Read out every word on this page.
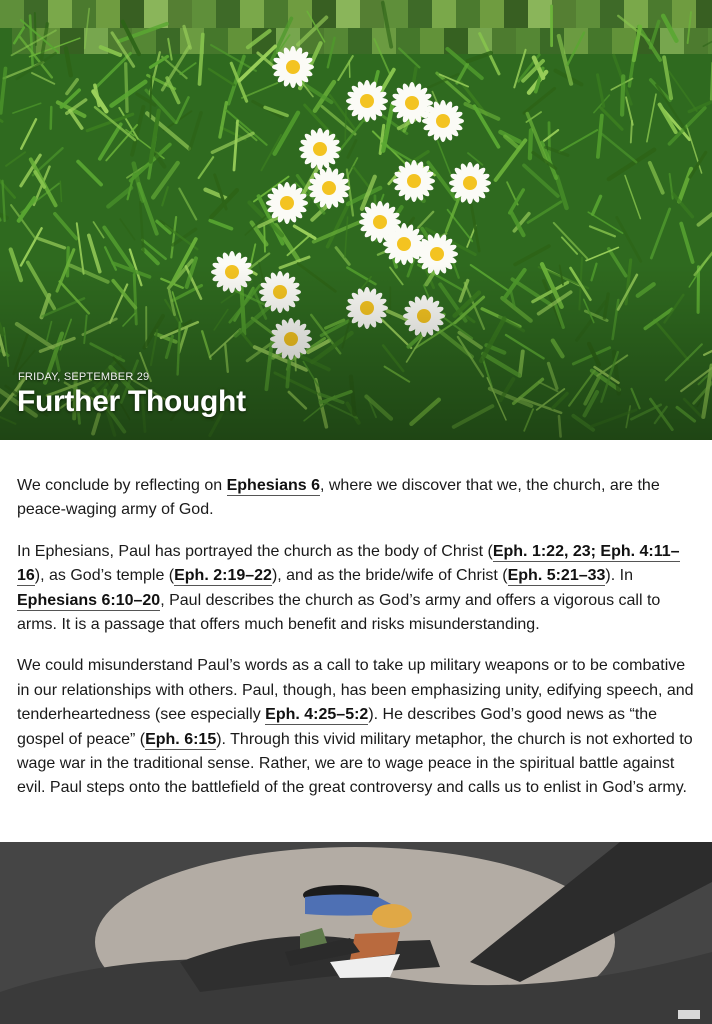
FRIDAY, SEPTEMBER 29
Further Thought

We conclude by reflecting on Ephesians 6, where we discover that we, the church, are the peace-waging army of God.

In Ephesians, Paul has portrayed the church as the body of Christ (Eph. 1:22, 23; Eph. 4:11–16), as God’s temple (Eph. 2:19–22), and as the bride/wife of Christ (Eph. 5:21–33). In Ephesians 6:10–20, Paul describes the church as God’s army and offers a vigorous call to arms. It is a passage that offers much benefit and risks misunderstanding.

We could misunderstand Paul’s words as a call to take up military weapons or to be combative in our relationships with others. Paul, though, has been emphasizing unity, edifying speech, and tenderheartedness (see especially Eph. 4:25–5:2). He describes God’s good news as “the gospel of peace” (Eph. 6:15). Through this vivid military metaphor, the church is not exhorted to wage war in the traditional sense. Rather, we are to wage peace in the spiritual battle against evil. Paul steps onto the battlefield of the great controversy and calls us to enlist in God’s army.
